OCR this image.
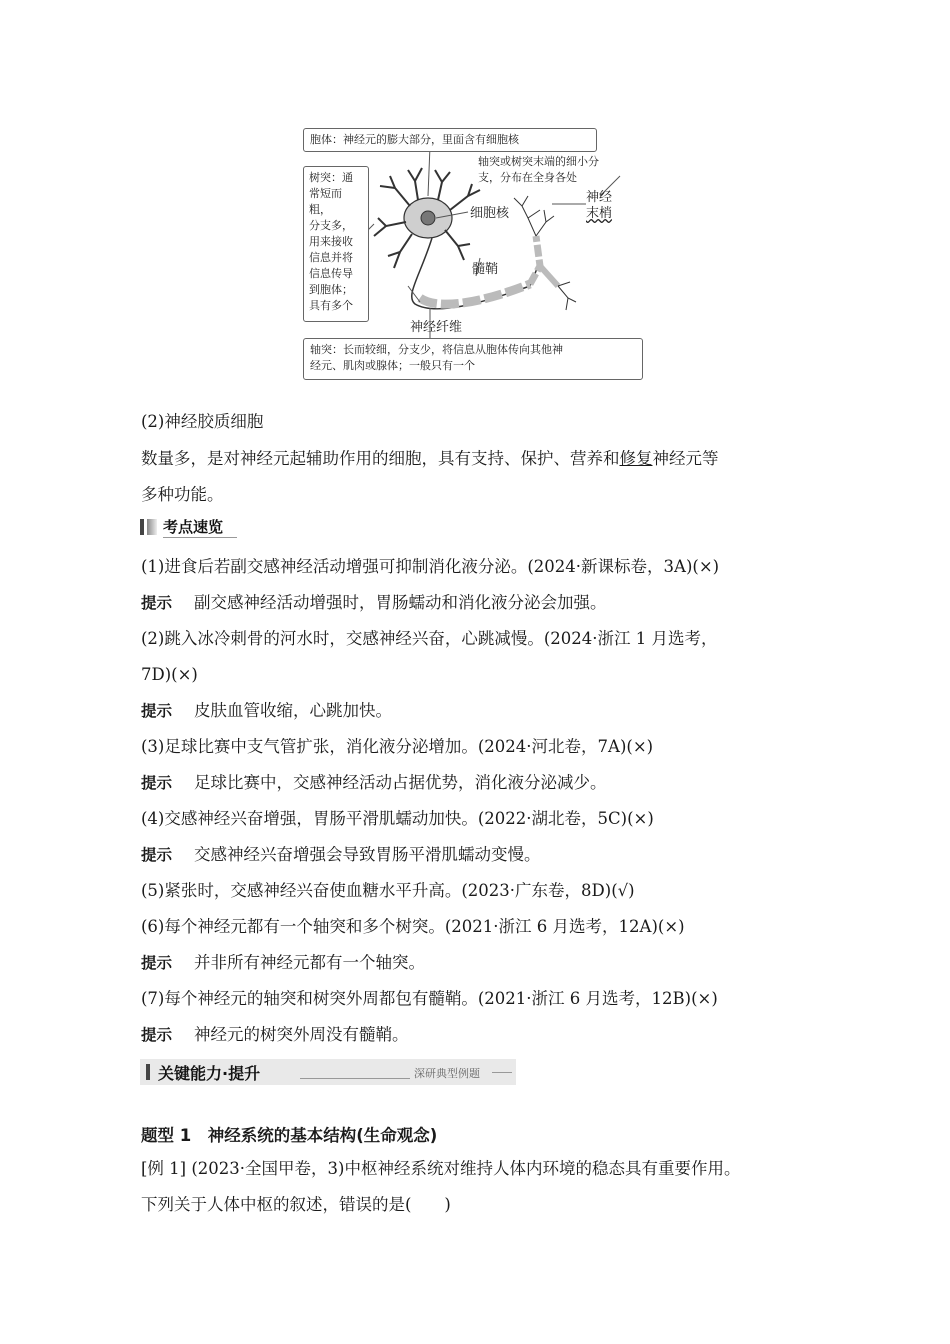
胞体：神经元的膨大部分，里面含有细胞核
树突：通
常短而粗，
分支多，
用来接收
信息并将
信息传导
到胞体；
具有多个
轴突或树突末端的细小分
支，分布在全身各处
神经
末梢
细胞核
髓鞘
神经纤维
轴突：长而较细，分支少，将信息从胞体传向其他神
经元、肌肉或腺体；一般只有一个
(2)神经胶质细胞
数量多，是对神经元起辅助作用的细胞，具有支持、保护、营养和修复神经元等
多种功能。
考点速览
(1)进食后若副交感神经活动增强可抑制消化液分泌。(2024·新课标卷，3A)(×)
提示 副交感神经活动增强时，胃肠蠕动和消化液分泌会加强。
(2)跳入冰冷刺骨的河水时，交感神经兴奋，心跳减慢。(2024·浙江 1 月选考，
7D)(×)
提示 皮肤血管收缩，心跳加快。
(3)足球比赛中支气管扩张，消化液分泌增加。(2024·河北卷，7A)(×)
提示 足球比赛中，交感神经活动占据优势，消化液分泌减少。
(4)交感神经兴奋增强，胃肠平滑肌蠕动加快。(2022·湖北卷，5C)(×)
提示 交感神经兴奋增强会导致胃肠平滑肌蠕动变慢。
(5)紧张时，交感神经兴奋使血糖水平升高。(2023·广东卷，8D)(√)
(6)每个神经元都有一个轴突和多个树突。(2021·浙江 6 月选考，12A)(×)
提示 并非所有神经元都有一个轴突。
(7)每个神经元的轴突和树突外周都包有髓鞘。(2021·浙江 6 月选考，12B)(×)
提示 神经元的树突外周没有髓鞘。
关键能力·提升	深研典型例题
题型 1　神经系统的基本结构(生命观念)
[例 1] (2023·全国甲卷，3)中枢神经系统对维持人体内环境的稳态具有重要作用。
下列关于人体中枢的叙述，错误的是(　　)
